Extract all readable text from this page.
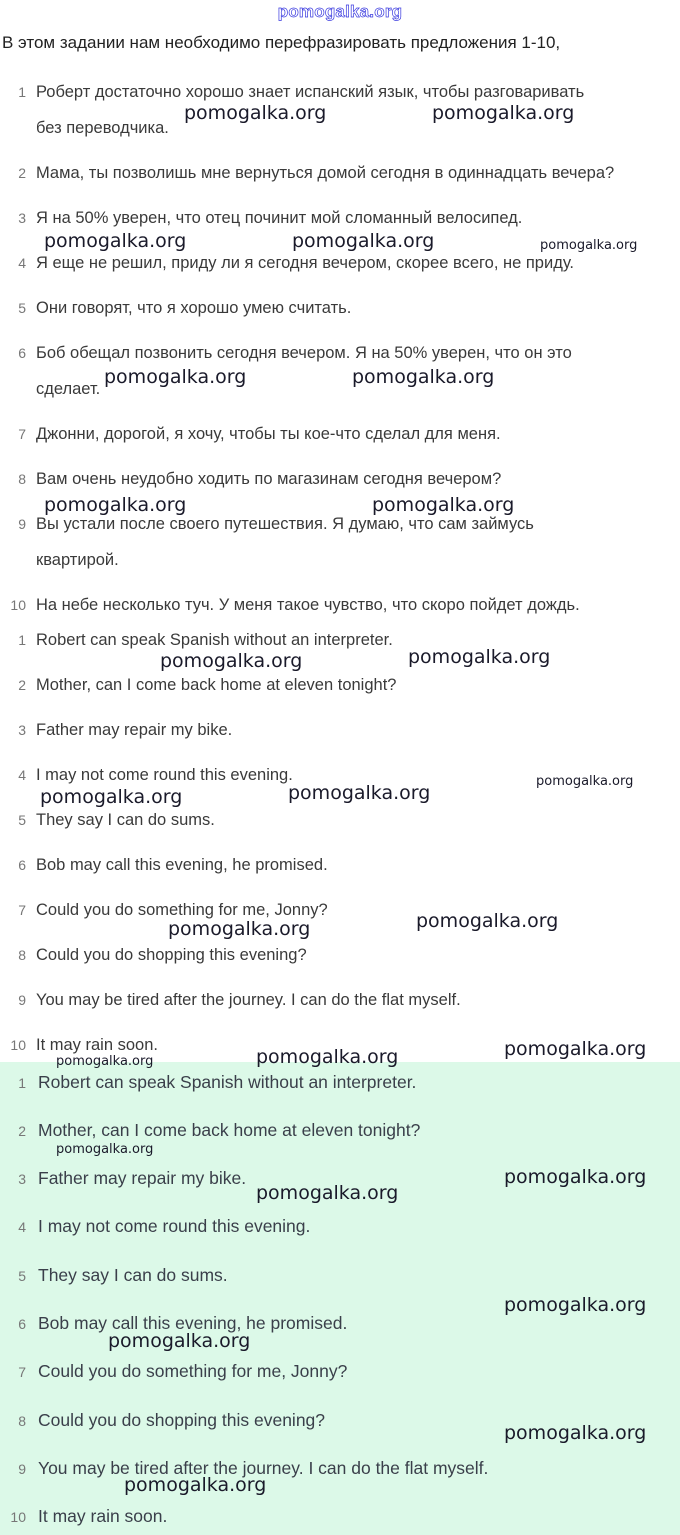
pomogalka.org
В этом задании нам необходимо перефразировать предложения 1-10,
1 Роберт достаточно хорошо знает испанский язык, чтобы разговаривать
без переводчика.
2 Мама, ты позволишь мне вернуться домой сегодня в одиннадцать вечера?
3 Я на 50% уверен, что отец починит мой сломанный велосипед.
4 Я еще не решил, приду ли я сегодня вечером, скорее всего, не приду.
5 Они говорят, что я хорошо умею считать.
6 Боб обещал позвонить сегодня вечером. Я на 50% уверен, что он это
сделает.
7 Джонни, дорогой, я хочу, чтобы ты кое-что сделал для меня.
8 Вам очень неудобно ходить по магазинам сегодня вечером?
9 Вы устали после своего путешествия. Я думаю, что сам займусь
квартирой.
10 На небе несколько туч. У меня такое чувство, что скоро пойдет дождь.
1 Robert can speak Spanish without an interpreter.
2 Mother, can I come back home at eleven tonight?
3 Father may repair my bike.
4 I may not come round this evening.
5 They say I can do sums.
6 Bob may call this evening, he promised.
7 Could you do something for me, Jonny?
8 Could you do shopping this evening?
9 You may be tired after the journey. I can do the flat myself.
10 It may rain soon.
1 Robert can speak Spanish without an interpreter.
2 Mother, can I come back home at eleven tonight?
3 Father may repair my bike.
4 I may not come round this evening.
5 They say I can do sums.
6 Bob may call this evening, he promised.
7 Could you do something for me, Jonny?
8 Could you do shopping this evening?
9 You may be tired after the journey. I can do the flat myself.
10 It may rain soon.
pomogalka.org	pomogalka.org
pomogalka.org	pomogalka.org	pomogalka.org
pomogalka.org	pomogalka.org
pomogalka.org	pomogalka.org
pomogalka.org	pomogalka.org
pomogalka.org	pomogalka.org
pomogalka.org
pomogalka.org	pomogalka.org
pomogalka.org	pomogalka.org	pomogalka.org
pomogalka.org
pomogalka.org
pomogalka.org
pomogalka.org
pomogalka.org
pomogalka.org
pomogalka.org
